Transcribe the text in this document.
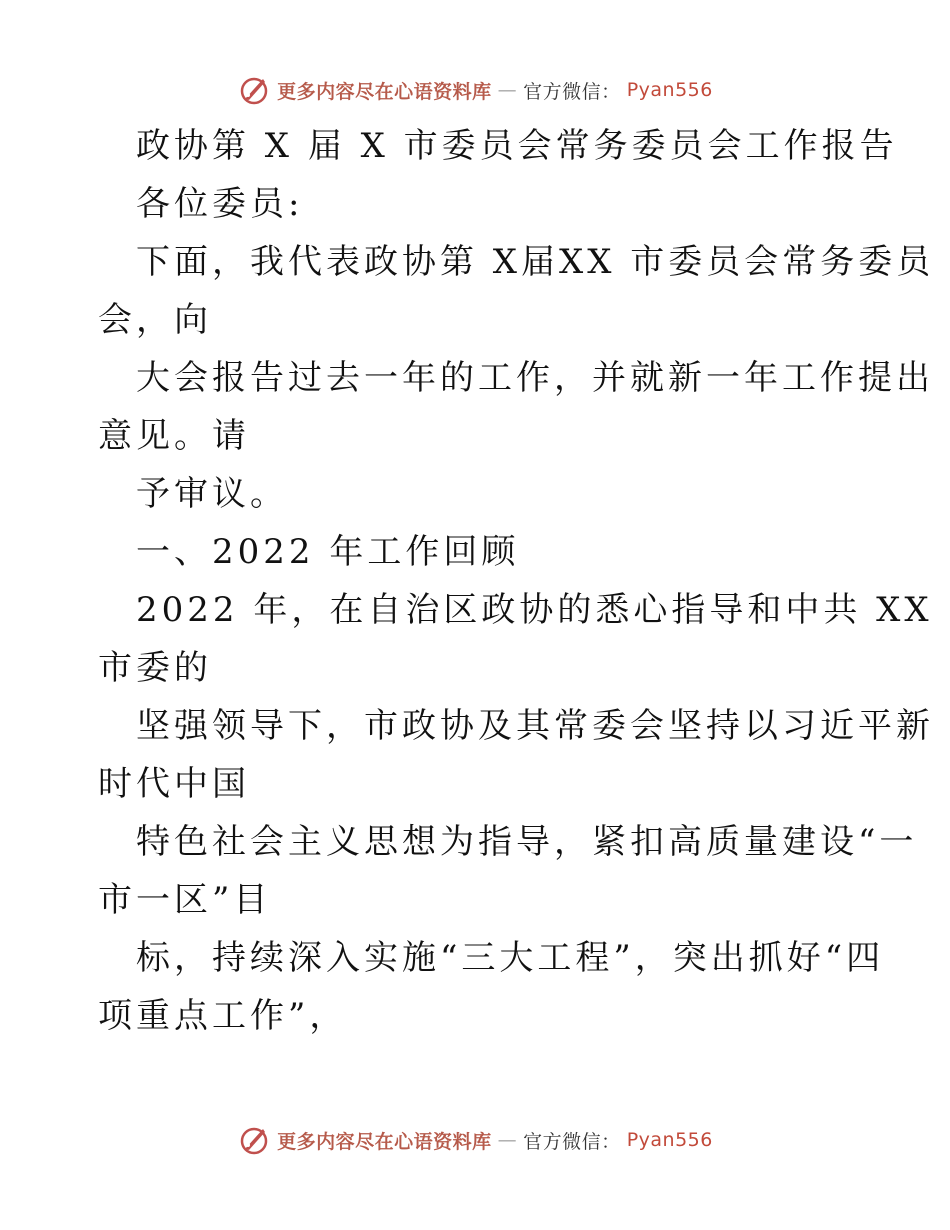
更多内容尽在心语资料库 — 官方微信： Pyan556
政协第 X 届 X 市委员会常务委员会工作报告
各位委员:
下面，我代表政协第 X届XX 市委员会常务委员
会，向
大会报告过去一年的工作，并就新一年工作提出
意见。请
予审议。
一、2022 年工作回顾
2022 年，在自治区政协的悉心指导和中共 XX
市委的
坚强领导下，市政协及其常委会坚持以习近平新
时代中国
特色社会主义思想为指导，紧扣高质量建设“一
市一区”目
标，持续深入实施“三大工程”，突出抓好“四
项重点工作”，
更多内容尽在心语资料库 — 官方微信： Pyan556
